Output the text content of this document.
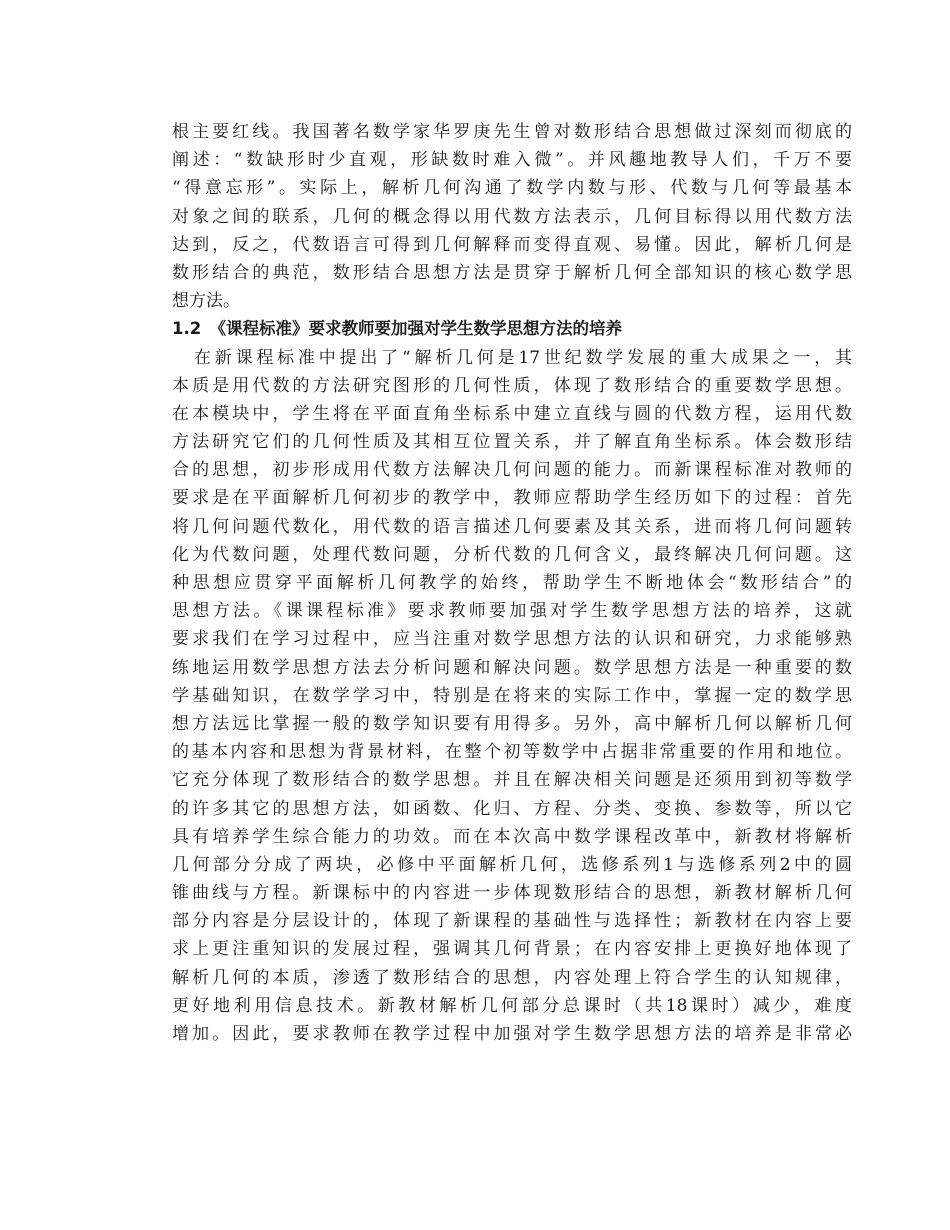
根主要红线。我国著名数学家华罗庚先生曾对数形结合思想做过深刻而彻底的
阐述：“数缺形时少直观，形缺数时难入微”。并风趣地教导人们，千万不要
“得意忘形”。实际上，解析几何沟通了数学内数与形、代数与几何等最基本
对象之间的联系，几何的概念得以用代数方法表示，几何目标得以用代数方法
达到，反之，代数语言可得到几何解释而变得直观、易懂。因此，解析几何是
数形结合的典范，数形结合思想方法是贯穿于解析几何全部知识的核心数学思
想方法。
1.2　《课程标准》要求教师要加强对学生数学思想方法的培养
在新课程标准中提出了“解析几何是17世纪数学发展的重大成果之一，其
本质是用代数的方法研究图形的几何性质，体现了数形结合的重要数学思想。
在本模块中，学生将在平面直角坐标系中建立直线与圆的代数方程，运用代数
方法研究它们的几何性质及其相互位置关系，并了解直角坐标系。体会数形结
合的思想，初步形成用代数方法解决几何问题的能力。而新课程标准对教师的
要求是在平面解析几何初步的教学中，教师应帮助学生经历如下的过程：首先
将几何问题代数化，用代数的语言描述几何要素及其关系，进而将几何问题转
化为代数问题，处理代数问题，分析代数的几何含义，最终解决几何问题。这
种思想应贯穿平面解析几何教学的始终，帮助学生不断地体会“数形结合”的
思想方法。《课课程标准》要求教师要加强对学生数学思想方法的培养，这就
要求我们在学习过程中，应当注重对数学思想方法的认识和研究，力求能够熟
练地运用数学思想方法去分析问题和解决问题。数学思想方法是一种重要的数
学基础知识，在数学学习中，特别是在将来的实际工作中，掌握一定的数学思
想方法远比掌握一般的数学知识要有用得多。另外，高中解析几何以解析几何
的基本内容和思想为背景材料，在整个初等数学中占据非常重要的作用和地位。
它充分体现了数形结合的数学思想。并且在解决相关问题是还须用到初等数学
的许多其它的思想方法，如函数、化归、方程、分类、变换、参数等，所以它
具有培养学生综合能力的功效。而在本次高中数学课程改革中，新教材将解析
几何部分分成了两块，必修中平面解析几何，选修系列1与选修系列2中的圆
锥曲线与方程。新课标中的内容进一步体现数形结合的思想，新教材解析几何
部分内容是分层设计的，体现了新课程的基础性与选择性；新教材在内容上要
求上更注重知识的发展过程，强调其几何背景；在内容安排上更换好地体现了
解析几何的本质，渗透了数形结合的思想，内容处理上符合学生的认知规律，
更好地利用信息技术。新教材解析几何部分总课时（共18课时）减少，难度
增加。因此，要求教师在教学过程中加强对学生数学思想方法的培养是非常必
